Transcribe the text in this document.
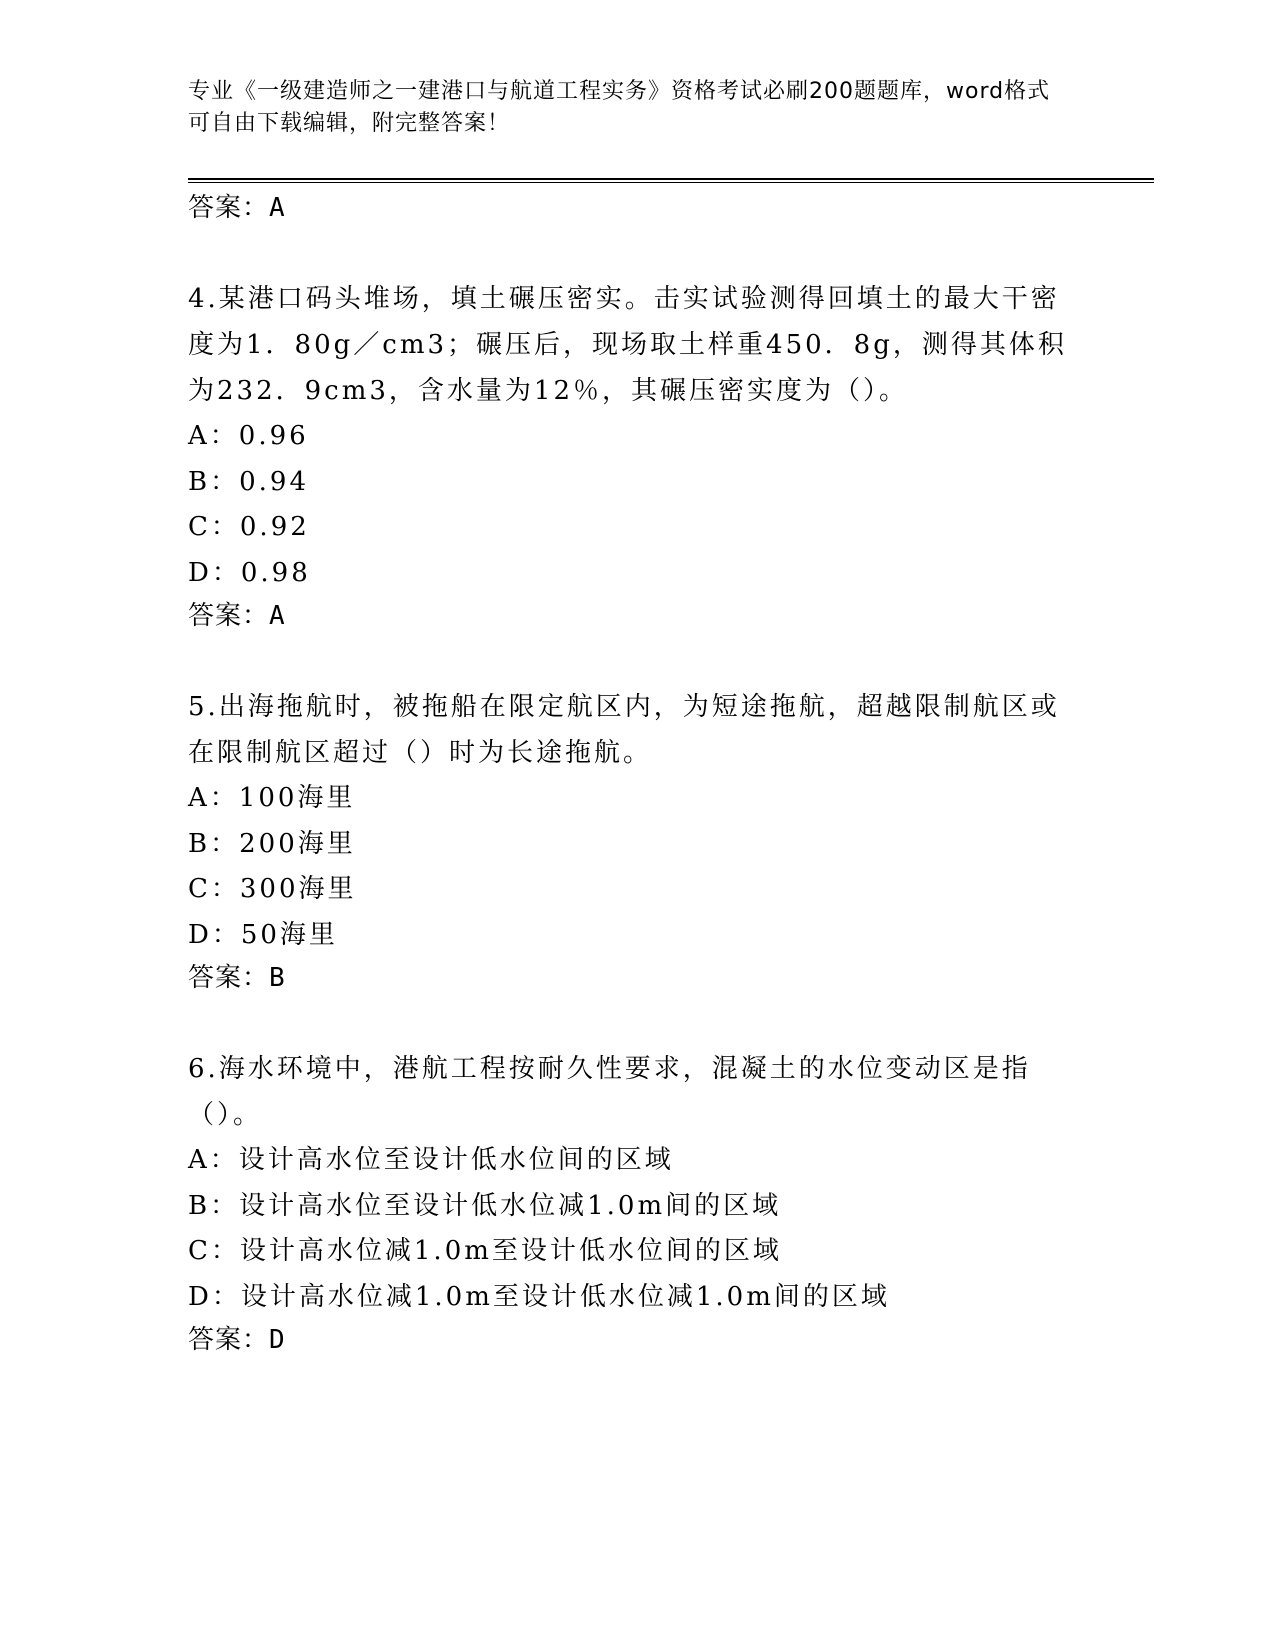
专业《一级建造师之一建港口与航道工程实务》资格考试必刷200题题库，word格式可自由下载编辑，附完整答案！
答案：A
4.某港口码头堆场，填土碾压密实。击实试验测得回填土的最大干密度为1．80g／cm3；碾压后，现场取土样重450．8g，测得其体积为232．9cm3，含水量为12％，其碾压密实度为（）。
A：0.96
B：0.94
C：0.92
D：0.98
答案：A
5.出海拖航时，被拖船在限定航区内，为短途拖航，超越限制航区或在限制航区超过（）时为长途拖航。
A：100海里
B：200海里
C：300海里
D：50海里
答案：B
6.海水环境中，港航工程按耐久性要求，混凝土的水位变动区是指（）。
A：设计高水位至设计低水位间的区域
B：设计高水位至设计低水位减1.0m间的区域
C：设计高水位减1.0m至设计低水位间的区域
D：设计高水位减1.0m至设计低水位减1.0m间的区域
答案：D
